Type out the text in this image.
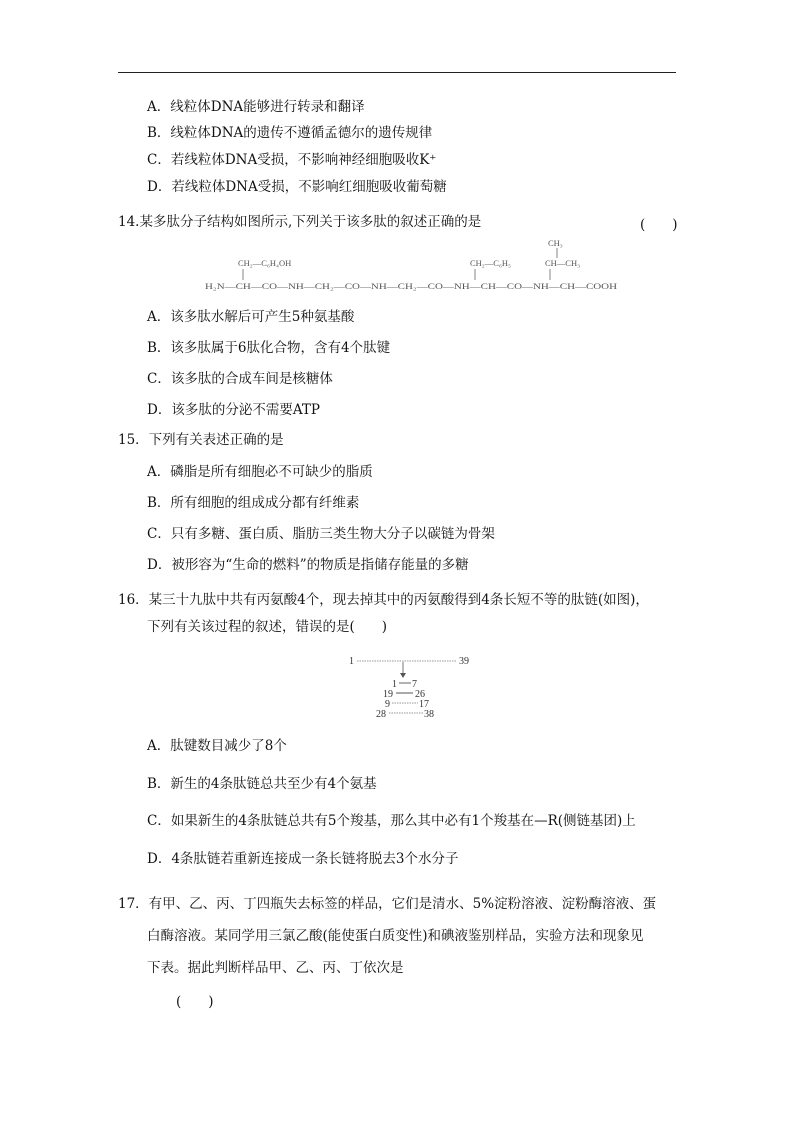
A．线粒体DNA能够进行转录和翻译
B．线粒体DNA的遗传不遵循孟德尔的遗传规律
C．若线粒体DNA受损，不影响神经细胞吸收K⁺
D．若线粒体DNA受损，不影响红细胞吸收葡萄糖
14.某多肽分子结构如图所示,下列关于该多肽的叙述正确的是	(　　)
CH₃
CH₂—C₆H₄OH	CH₂—C₆H₅	CH—CH₃
H₂N—CH—CO—NH—CH₂—CO—NH—CH₂—CO—NH—CH—CO—NH—CH—COOH
A．该多肽水解后可产生5种氨基酸
B．该多肽属于6肽化合物，含有4个肽键
C．该多肽的合成车间是核糖体
D．该多肽的分泌不需要ATP
15．下列有关表述正确的是
A．磷脂是所有细胞必不可缺少的脂质
B．所有细胞的组成成分都有纤维素
C．只有多糖、蛋白质、脂肪三类生物大分子以碳链为骨架
D．被形容为“生命的燃料”的物质是指储存能量的多糖
16．某三十九肽中共有丙氨酸4个，现去掉其中的丙氨酸得到4条长短不等的肽链(如图)，
下列有关该过程的叙述，错误的是(　　)
1	39
1 7
19 26
9	17
28	38
A．肽键数目减少了8个
B．新生的4条肽链总共至少有4个氨基
C．如果新生的4条肽链总共有5个羧基，那么其中必有1个羧基在—R(侧链基团)上
D．4条肽链若重新连接成一条长链将脱去3个水分子
17．有甲、乙、丙、丁四瓶失去标签的样品，它们是清水、5%淀粉溶液、淀粉酶溶液、蛋
白酶溶液。某同学用三氯乙酸(能使蛋白质变性)和碘液鉴别样品，实验方法和现象见
下表。据此判断样品甲、乙、丙、丁依次是
(　　)
